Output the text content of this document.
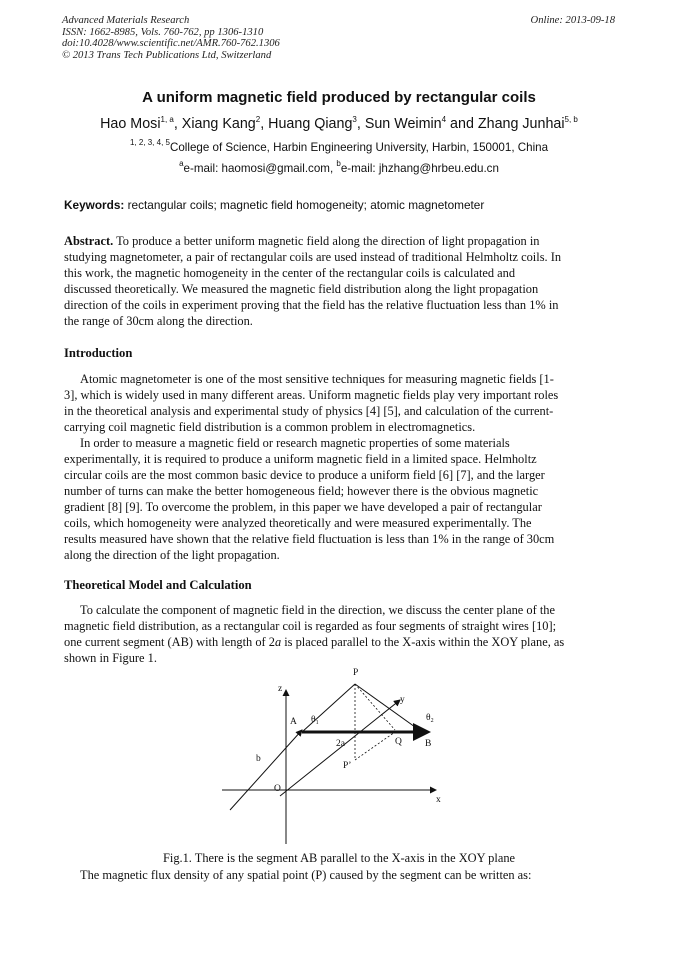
Advanced Materials Research
ISSN: 1662-8985, Vols. 760-762, pp 1306-1310
doi:10.4028/www.scientific.net/AMR.760-762.1306
© 2013 Trans Tech Publications Ltd, Switzerland
Online: 2013-09-18
A uniform magnetic field produced by rectangular coils
Hao Mosi$^{1, a}$, Xiang Kang$^2$, Huang Qiang$^3$, Sun Weimin$^4$ and Zhang Junhai$^{5, b}$
$^{1, 2, 3, 4, 5}$College of Science, Harbin Engineering University, Harbin, 150001, China
$^a$e-mail: haomosi@gmail.com, $^b$e-mail: jhzhang@hrbeu.edu.cn
Keywords: rectangular coils; magnetic field homogeneity; atomic magnetometer
Abstract. To produce a better uniform magnetic field along the direction of light propagation in
studying magnetometer, a pair of rectangular coils are used instead of traditional Helmholtz coils. In
this work, the magnetic homogeneity in the center of the rectangular coils is calculated and
discussed theoretically. We measured the magnetic field distribution along the light propagation
direction of the coils in experiment proving that the field has the relative fluctuation less than 1% in
the range of 30cm along the direction.
Introduction
Atomic magnetometer is one of the most sensitive techniques for measuring magnetic fields [1-
3], which is widely used in many different areas. Uniform magnetic fields play very important roles
in the theoretical analysis and experimental study of physics [4] [5], and calculation of the current-
carrying coil magnetic field distribution is a common problem in electromagnetics.
In order to measure a magnetic field or research magnetic properties of some materials
experimentally, it is required to produce a uniform magnetic field in a limited space. Helmholtz
circular coils are the most common basic device to produce a uniform field [6] [7], and the larger
number of turns can make the better homogeneous field; however there is the obvious magnetic
gradient [8] [9]. To overcome the problem, in this paper we have developed a pair of rectangular
coils, which homogeneity were analyzed theoretically and were measured experimentally. The
results measured have shown that the relative field fluctuation is less than 1% in the range of 30cm
along the direction of the light propagation.
Theoretical Model and Calculation
To calculate the component of magnetic field in the direction, we discuss the center plane of the
magnetic field distribution, as a rectangular coil is regarded as four segments of straight wires [10];
one current segment (AB) with length of 2a is placed parallel to the X-axis within the XOY plane, as
shown in Figure 1.
P
z
y
A $\theta_1$	$\theta_2$
2a	Q B
b
P’
O
x
Fig.1. There is the segment AB parallel to the X-axis in the XOY plane
The magnetic flux density of any spatial point (P) caused by the segment can be written as:
